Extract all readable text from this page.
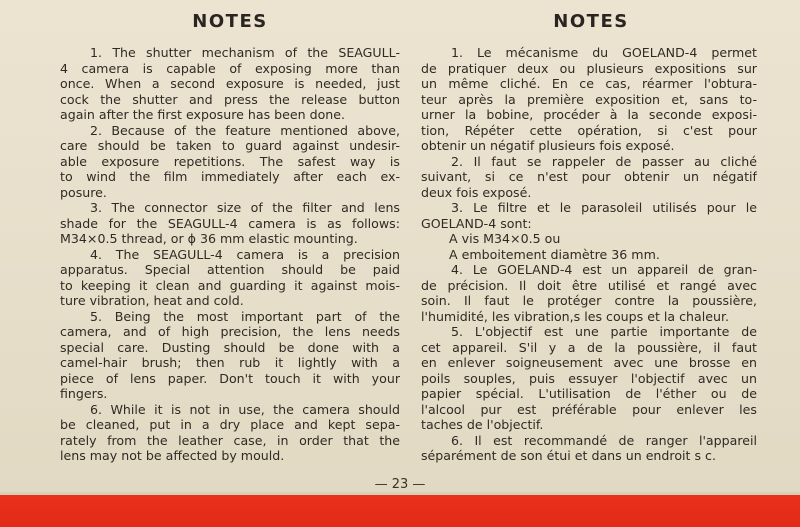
NOTES
1. The shutter mechanism of the SEAGULL-
4 camera is capable of exposing more than
once. When a second exposure is needed, just
cock the shutter and press the release button
again after the first exposure has been done.
2. Because of the feature mentioned above,
care should be taken to guard against undesir-
able exposure repetitions. The safest way is
to wind the film immediately after each ex-
posure.
3. The connector size of the filter and lens
shade for the SEAGULL-4 camera is as follows:
M34×0.5 thread, or ϕ 36 mm elastic mounting.
4. The SEAGULL-4 camera is a precision
apparatus. Special attention should be paid
to keeping it clean and guarding it against mois-
ture vibration, heat and cold.
5. Being the most important part of the
camera, and of high precision, the lens needs
special care. Dusting should be done with a
camel-hair brush; then rub it lightly with a
piece of lens paper. Don't touch it with your
fingers.
6. While it is not in use, the camera should
be cleaned, put in a dry place and kept sepa-
rately from the leather case, in order that the
lens may not be affected by mould.
NOTES
1. Le mécanisme du GOELAND-4 permet
de pratiquer deux ou plusieurs expositions sur
un même cliché. En ce cas, réarmer l'obtura-
teur après la première exposition et, sans to-
urner la bobine, procéder à la seconde exposi-
tion, Répéter cette opération, si c'est pour
obtenir un négatif plusieurs fois exposé.
2. Il faut se rappeler de passer au cliché
suivant, si ce n'est pour obtenir un négatif
deux fois exposé.
3. Le filtre et le parasoleil utilisés pour le
GOELAND-4 sont:
A vis M34×0.5 ou
A emboitement diamètre 36 mm.
4. Le GOELAND-4 est un appareil de gran-
de précision. Il doit être utilisé et rangé avec
soin. Il faut le protéger contre la poussière,
l'humidité, les vibration,s les coups et la chaleur.
5. L'objectif est une partie importante de
cet appareil. S'il y a de la poussière, il faut
en enlever soigneusement avec une brosse en
poils souples, puis essuyer l'objectif avec un
papier spécial. L'utilisation de l'éther ou de
l'alcool pur est préférable pour enlever les
taches de l'objectif.
6. Il est recommandé de ranger l'appareil
séparément de son étui et dans un endroit s c.
— 23 —
